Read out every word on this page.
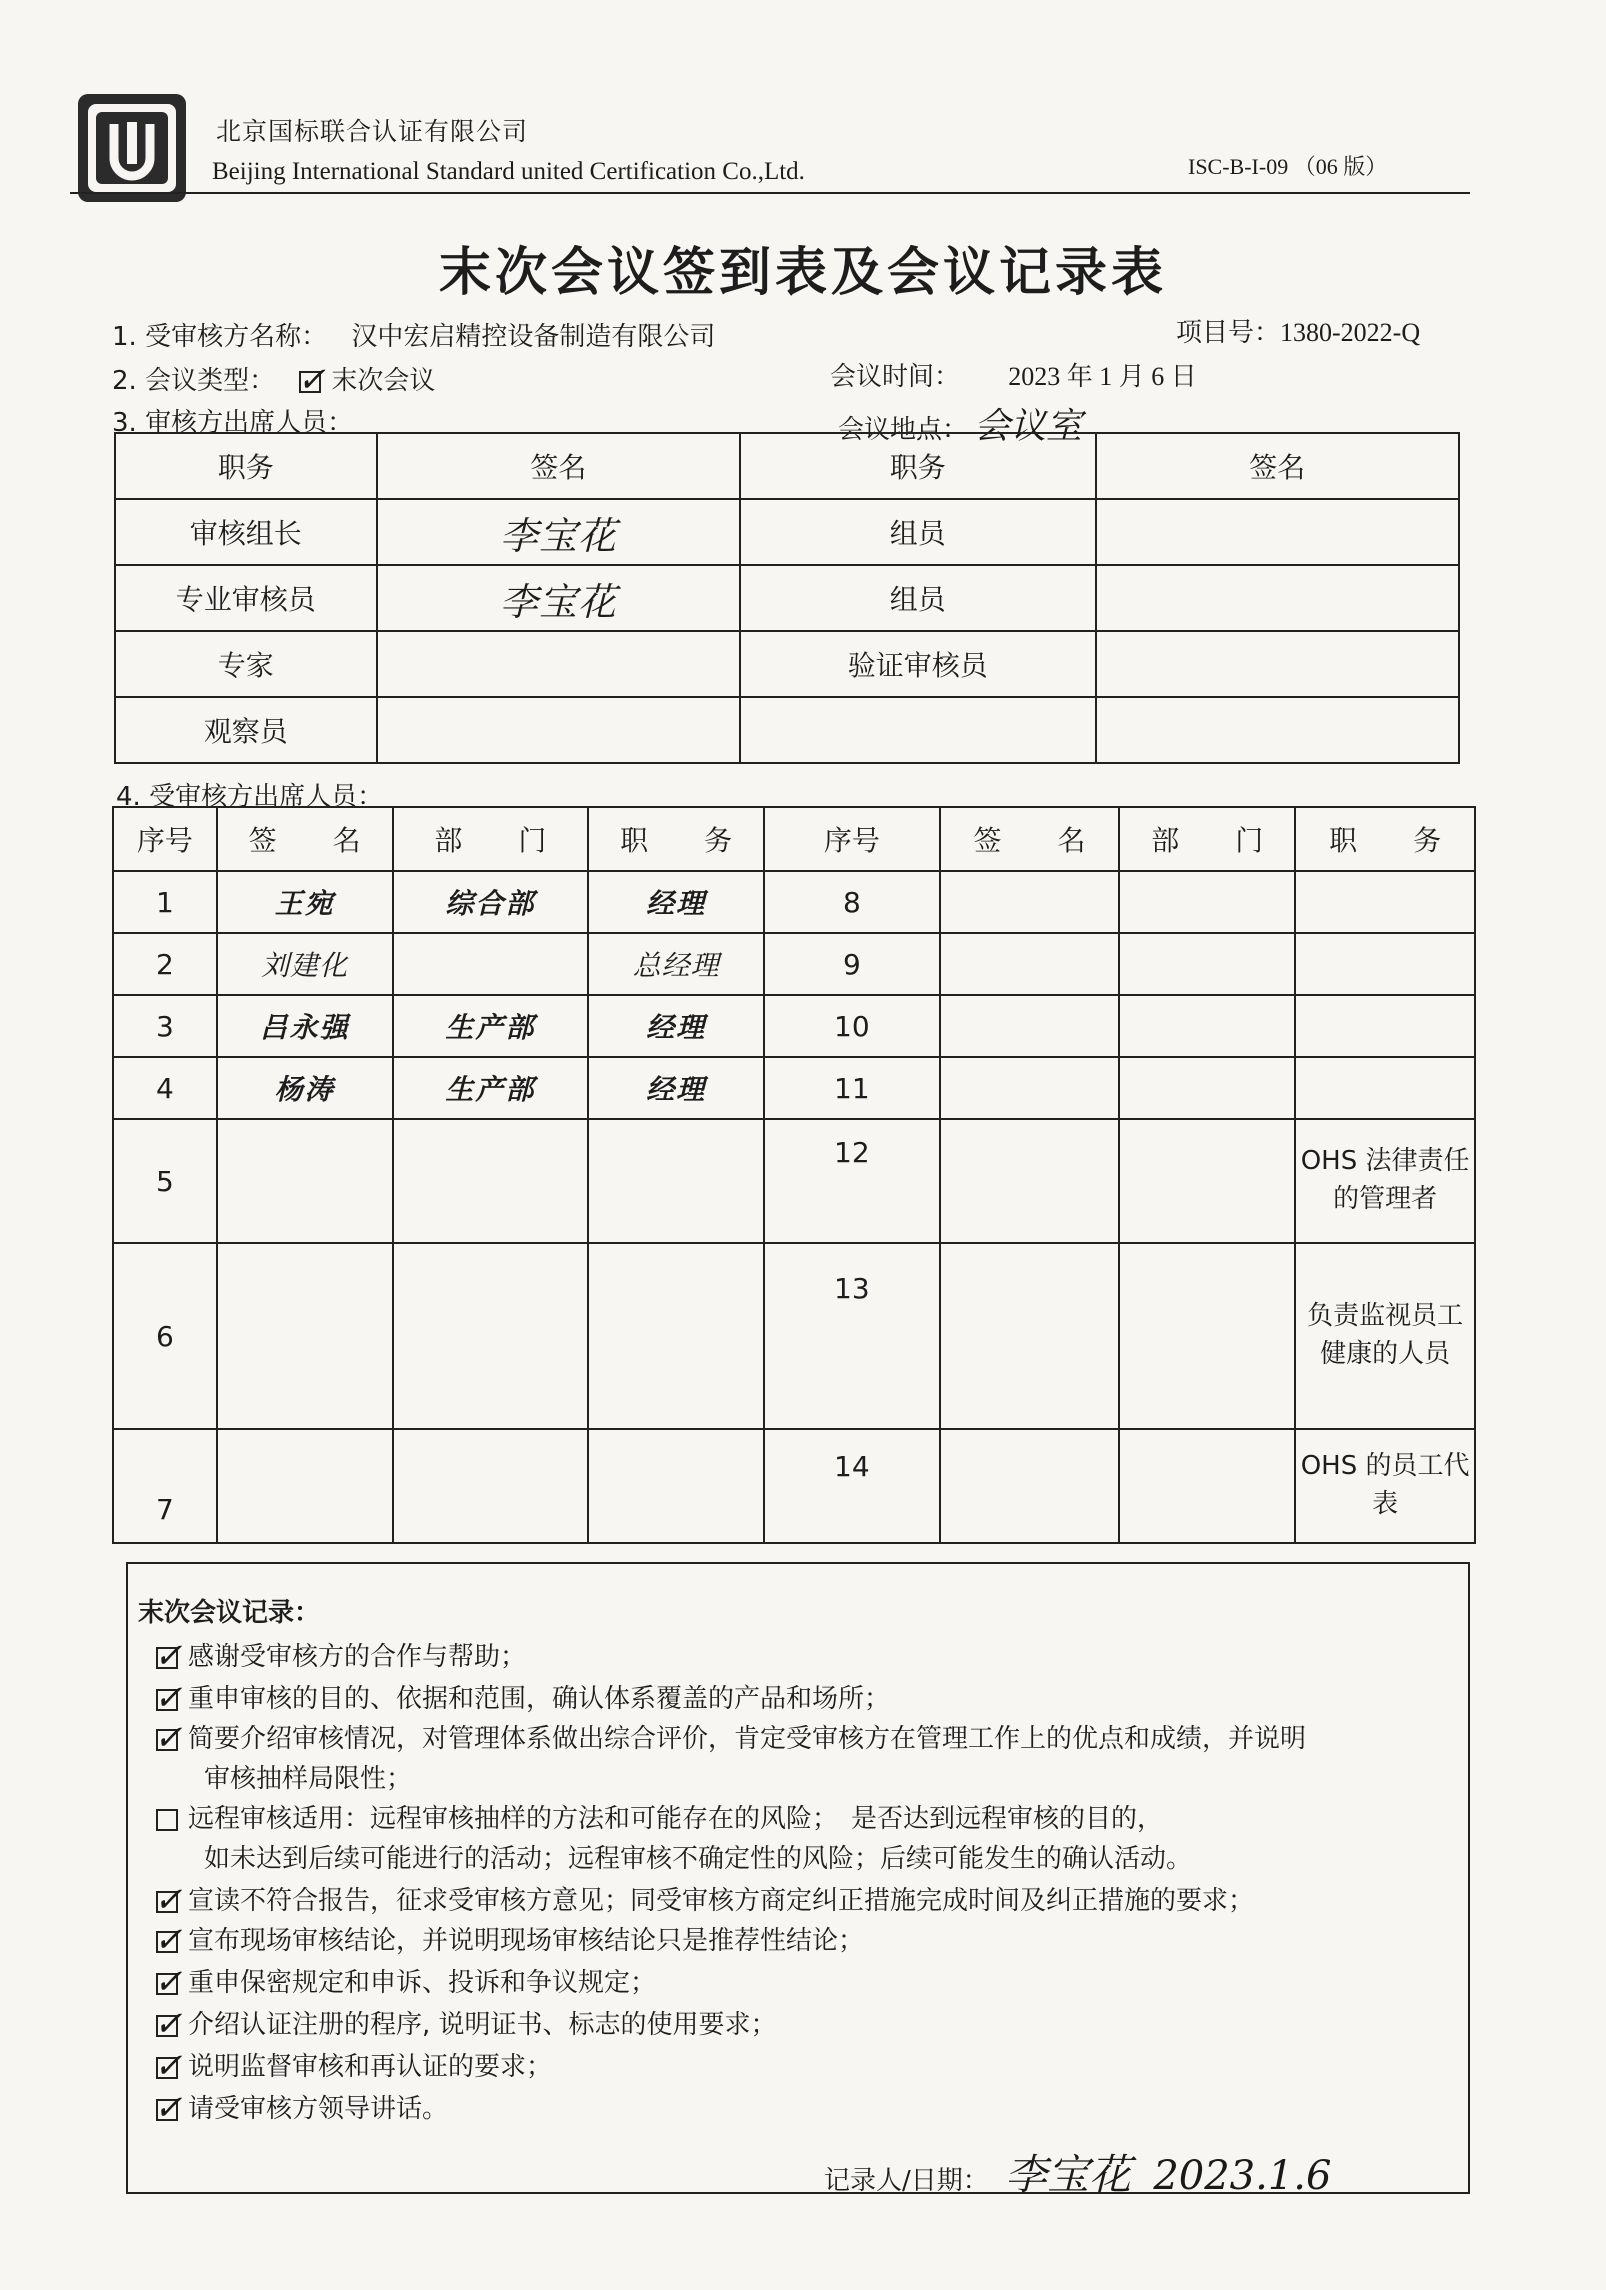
北京国标联合认证有限公司
Beijing International Standard united Certification Co.,Ltd.	ISC-B-I-09 （06 版）
末次会议签到表及会议记录表
1. 受审核方名称： 汉中宏启精控设备制造有限公司	项目号：1380-2022-Q
2. 会议类型： ✓ 末次会议	会议时间： 2023 年 1 月 6 日
3. 审核方出席人员：	会议地点： 会议室
职务	签名	职务	签名
审核组长	李宝花	组员	
专业审核员	李宝花	组员	
专家		验证审核员	
观察员			
4. 受审核方出席人员：
序号	签　　名	部　　门	职　　务	序号	签　　名	部　　门	职　　务
1	王宛	综合部	经理	8			
2	刘建化		总经理	9			
3	吕永强	生产部	经理	10			
4	杨涛	生产部	经理	11			
5				12			OHS 法律责任的管理者
6				13			负责监视员工健康的人员
7				14			OHS 的员工代表
末次会议记录：
✓ 感谢受审核方的合作与帮助；
✓ 重申审核的目的、依据和范围，确认体系覆盖的产品和场所；
✓ 简要介绍审核情况，对管理体系做出综合评价，肯定受审核方在管理工作上的优点和成绩，并说明
审核抽样局限性；
远程审核适用：远程审核抽样的方法和可能存在的风险；　是否达到远程审核的目的，
如未达到后续可能进行的活动；远程审核不确定性的风险；后续可能发生的确认活动。
✓ 宣读不符合报告，征求受审核方意见；同受审核方商定纠正措施完成时间及纠正措施的要求；
✓ 宣布现场审核结论，并说明现场审核结论只是推荐性结论；
✓ 重申保密规定和申诉、投诉和争议规定；
✓ 介绍认证注册的程序, 说明证书、标志的使用要求；
✓ 说明监督审核和再认证的要求；
✓ 请受审核方领导讲话。
记录人/日期： 李宝花 2023.1.6
